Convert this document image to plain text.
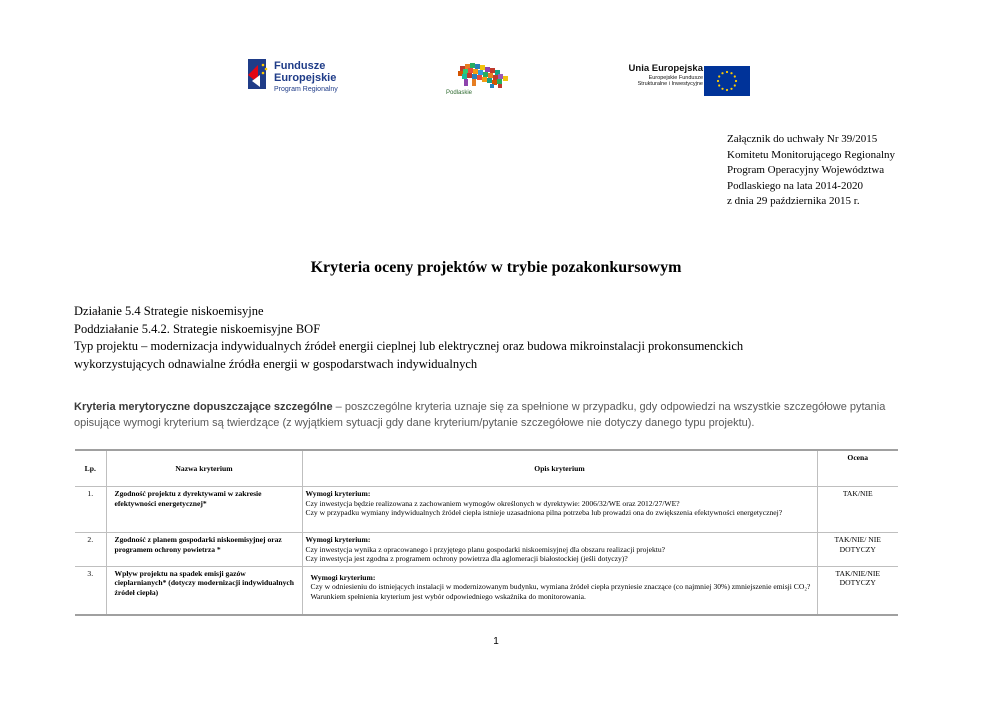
Fundusze
Europejskie
Program Regionalny	Podlaskie
Unia Europejska
Europejskie Fundusze
Strukturalne i Inwestycyjne
Załącznik do uchwały Nr 39/2015
Komitetu Monitorującego Regionalny
Program Operacyjny Województwa
Podlaskiego na lata 2014-2020
z dnia 29 października 2015 r.
Kryteria oceny projektów w trybie pozakonkursowym
Działanie 5.4 Strategie niskoemisyjne
Poddziałanie 5.4.2. Strategie niskoemisyjne BOF
Typ projektu – modernizacja indywidualnych źródeł energii cieplnej lub elektrycznej oraz budowa mikroinstalacji prokonsumenckich
wykorzystujących odnawialne źródła energii w gospodarstwach indywidualnych
Kryteria merytoryczne dopuszczające szczególne – poszczególne kryteria uznaje się za spełnione w przypadku, gdy odpowiedzi na wszystkie szczegółowe pytania opisujące wymogi kryterium są twierdzące (z wyjątkiem sytuacji gdy dane kryterium/pytanie szczegółowe nie dotyczy danego typu projektu).
Lp.	Nazwa kryterium	Opis kryterium	Ocena
1.	Zgodność projektu z dyrektywami w zakresie efektywności energetycznej*	Wymogi kryterium:
Czy inwestycja będzie realizowana z zachowaniem wymogów określonych w dyrektywie: 2006/32/WE oraz 2012/27/WE?
Czy w przypadku wymiany indywidualnych źródeł ciepła istnieje uzasadniona pilna potrzeba lub prowadzi ona do zwiększenia efektywności energetycznej?	TAK/NIE
2.	Zgodność z planem gospodarki niskoemisyjnej oraz programem ochrony powietrza *	Wymogi kryterium:
Czy inwestycja wynika z opracowanego i przyjętego planu gospodarki niskoemisyjnej dla obszaru realizacji projektu?
Czy inwestycja jest zgodna z programem ochrony powietrza dla aglomeracji białostockiej (jeśli dotyczy)?	TAK/NIE/ NIE DOTYCZY
3.	Wpływ projektu na spadek emisji gazów cieplarnianych* (dotyczy modernizacji indywidualnych źródeł ciepła)	Wymogi kryterium:
Czy w odniesieniu do istniejących instalacji w modernizowanym budynku, wymiana źródeł ciepła przyniesie znaczące (co najmniej 30%) zmniejszenie emisji CO₂? Warunkiem spełnienia kryterium jest wybór odpowiedniego wskaźnika do monitorowania.	TAK/NIE/NIE DOTYCZY
1
